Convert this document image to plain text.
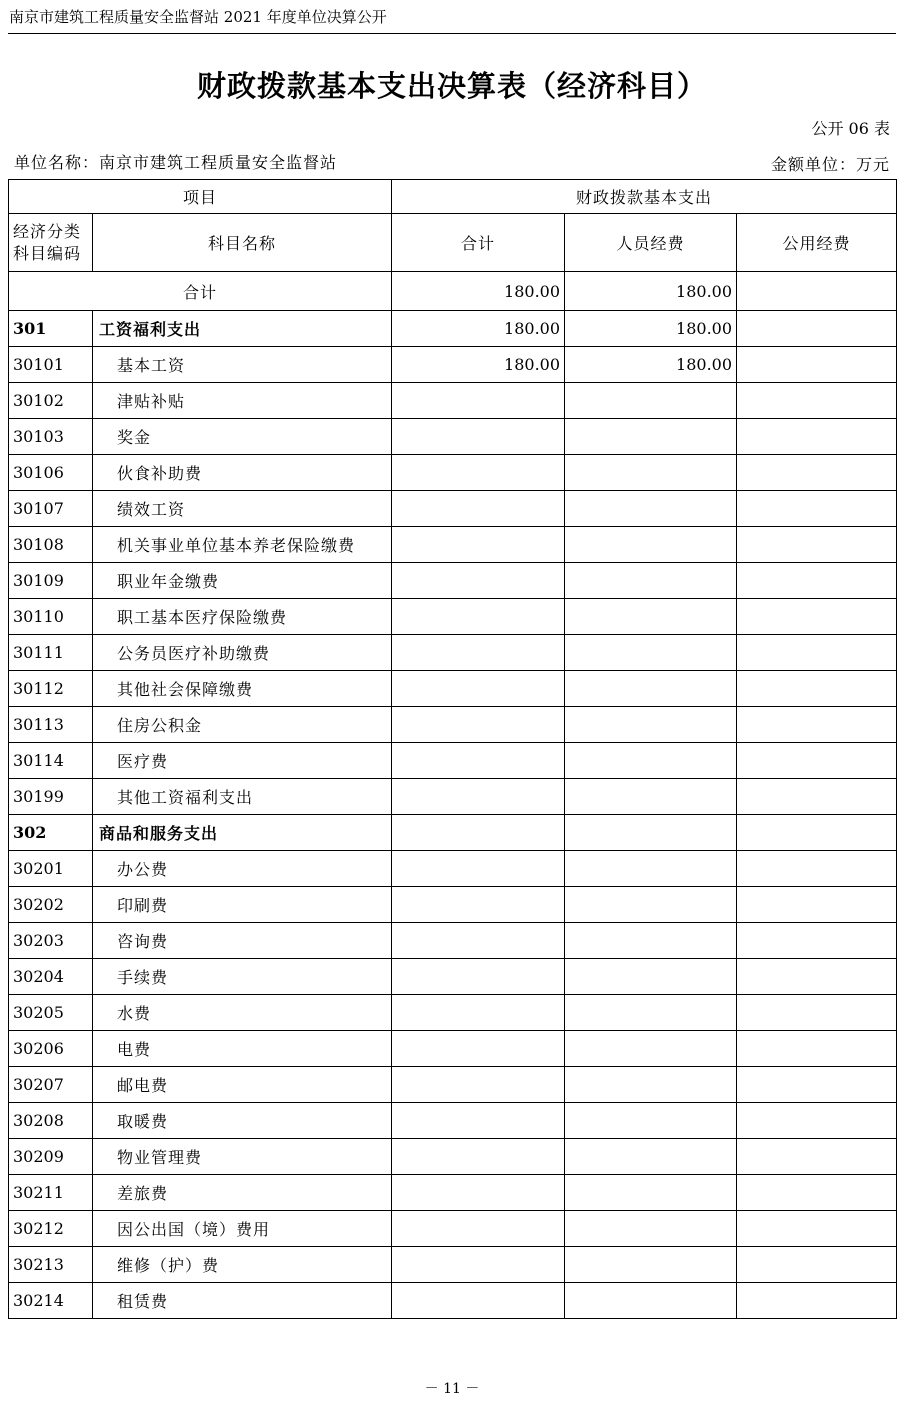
南京市建筑工程质量安全监督站 2021 年度单位决算公开
财政拨款基本支出决算表（经济科目）
公开 06 表
单位名称：南京市建筑工程质量安全监督站	金额单位：万元
项目		财政拨款基本支出		
经济分类科目编码	科目名称	合计	人员经费	公用经费
合计		180.00	180.00	
301	工资福利支出	180.00	180.00	
30101	基本工资	180.00	180.00	
30102	津贴补贴			
30103	奖金			
30106	伙食补助费			
30107	绩效工资			
30108	机关事业单位基本养老保险缴费			
30109	职业年金缴费			
30110	职工基本医疗保险缴费			
30111	公务员医疗补助缴费			
30112	其他社会保障缴费			
30113	住房公积金			
30114	医疗费			
30199	其他工资福利支出			
302	商品和服务支出			
30201	办公费			
30202	印刷费			
30203	咨询费			
30204	手续费			
30205	水费			
30206	电费			
30207	邮电费			
30208	取暖费			
30209	物业管理费			
30211	差旅费			
30212	因公出国（境）费用			
30213	维修（护）费			
30214	租赁费			
－ 11 －
